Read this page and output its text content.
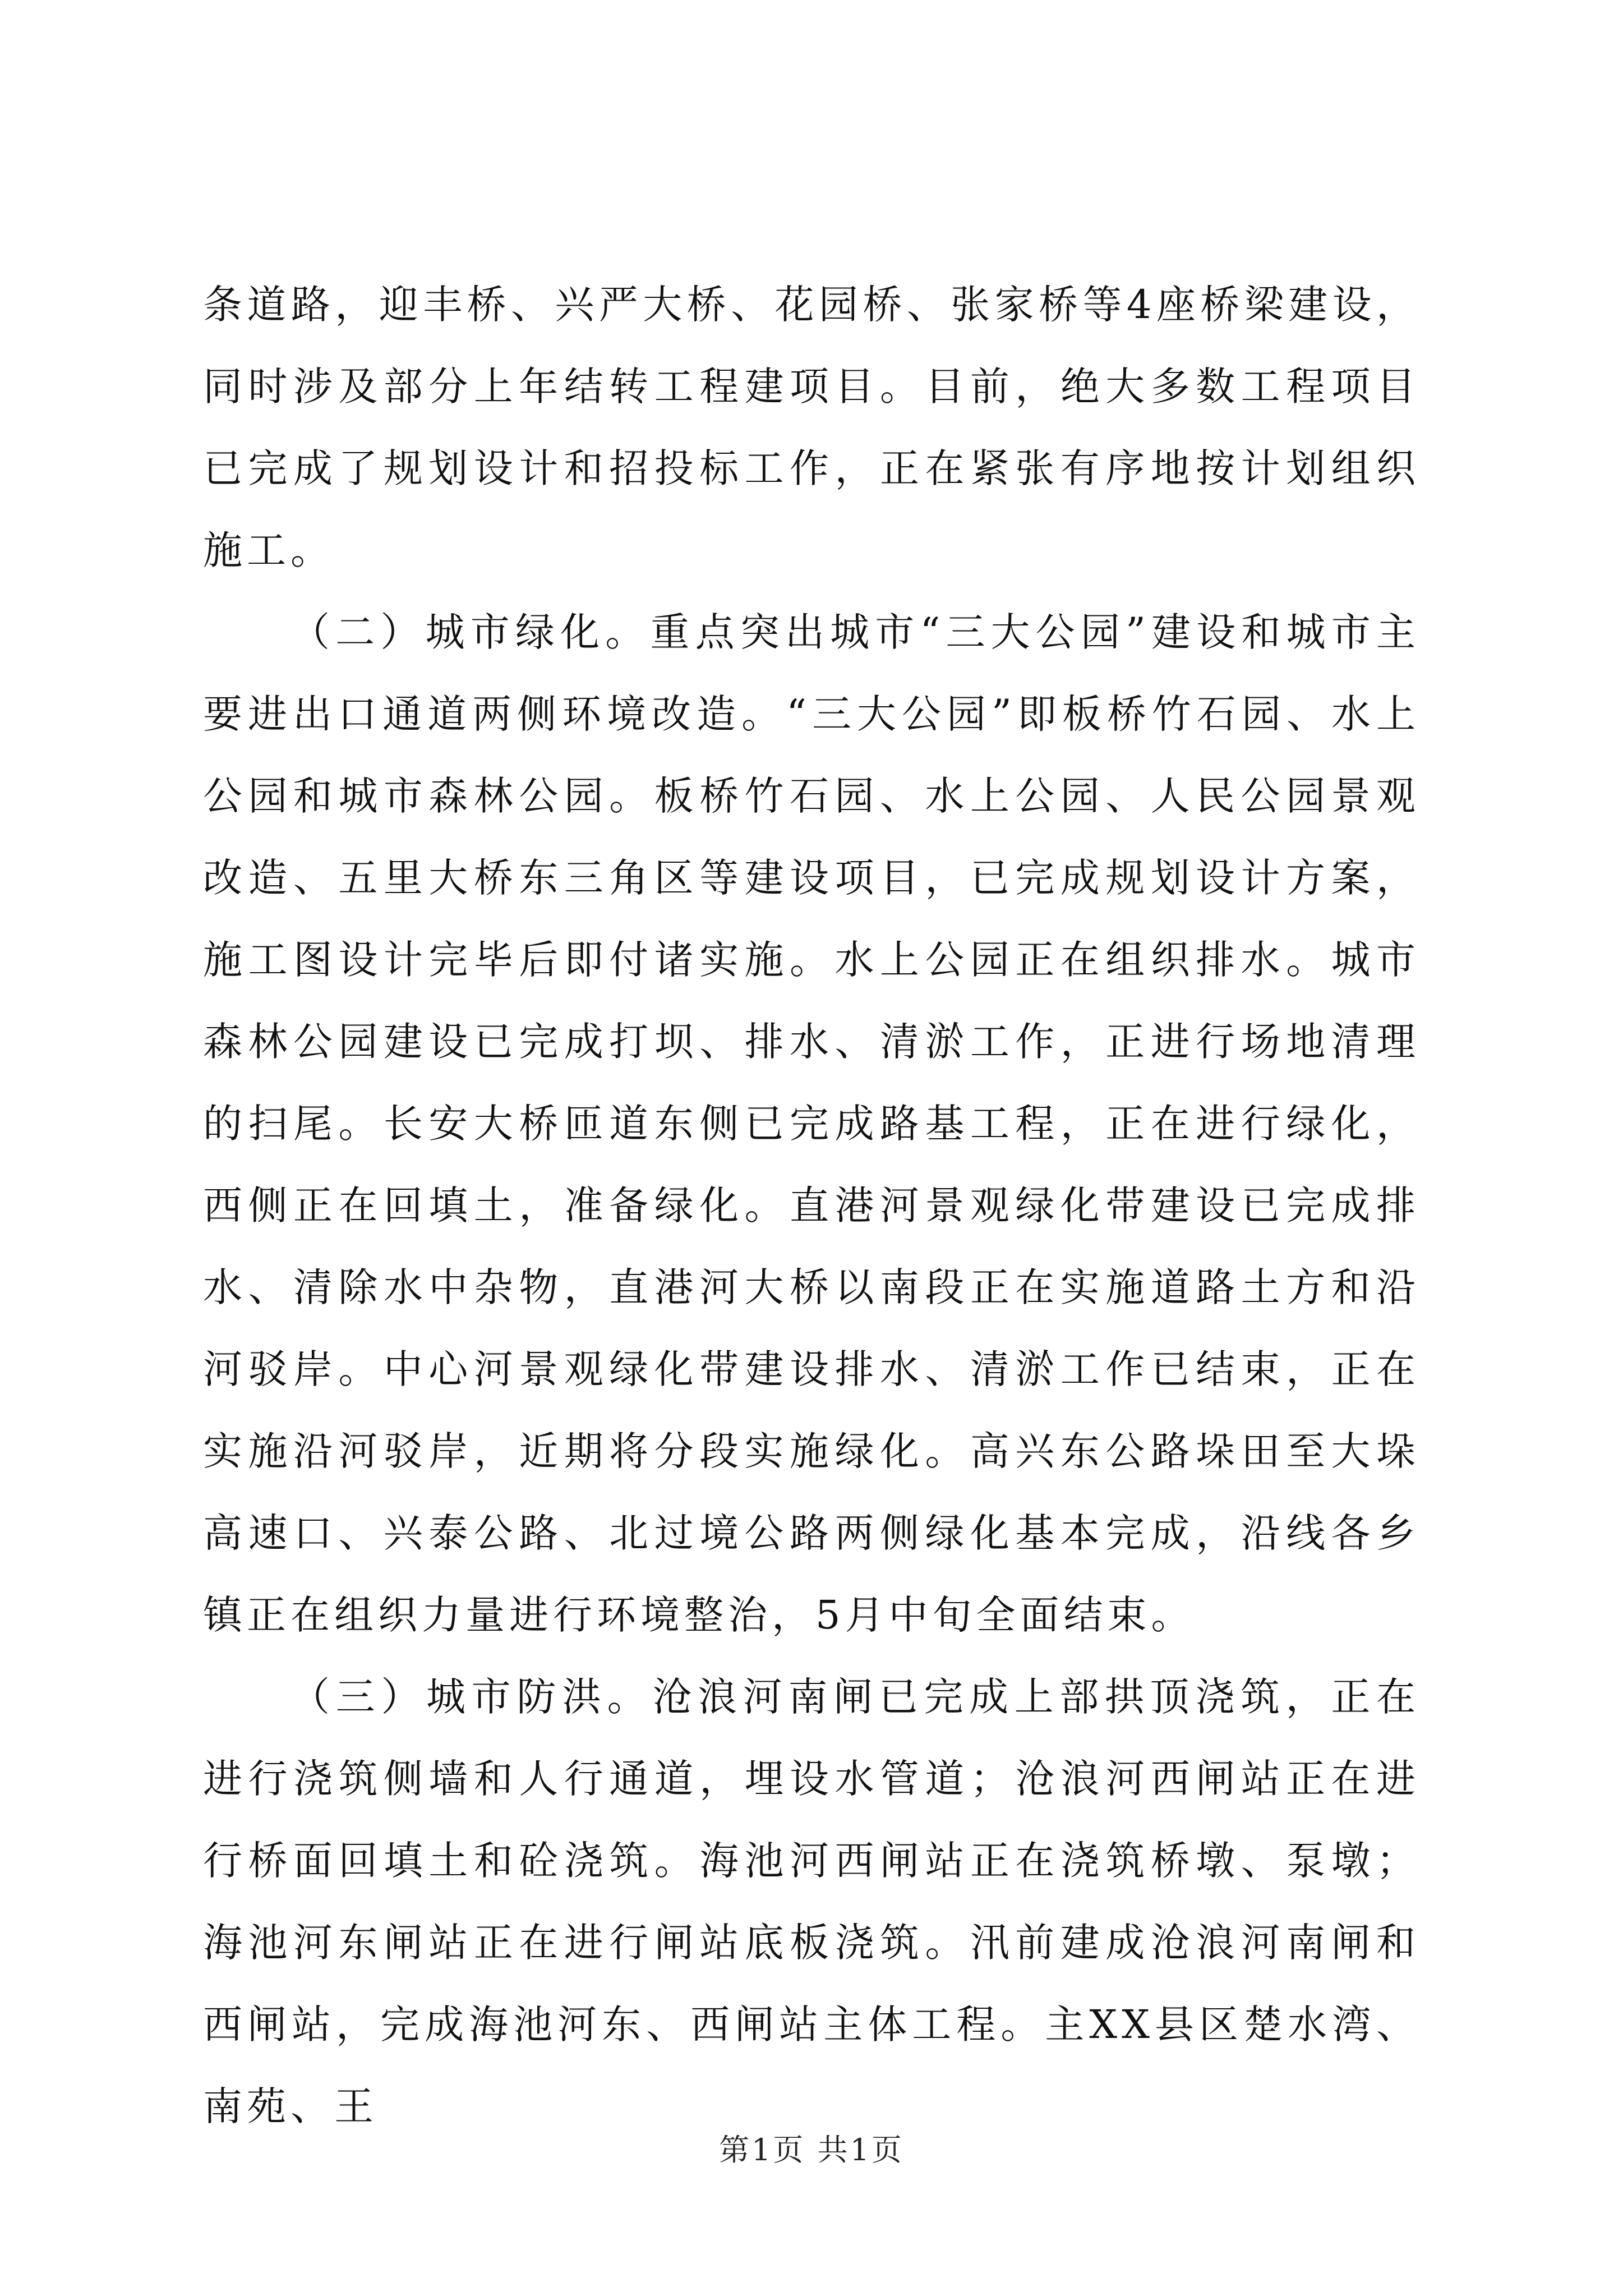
条道路，迎丰桥、兴严大桥、花园桥、张家桥等4座桥梁建设，同时涉及部分上年结转工程建项目。目前，绝大多数工程项目已完成了规划设计和招投标工作，正在紧张有序地按计划组织施工。

（二）城市绿化。重点突出城市“三大公园”建设和城市主要进出口通道两侧环境改造。“三大公园”即板桥竹石园、水上公园和城市森林公园。板桥竹石园、水上公园、人民公园景观改造、五里大桥东三角区等建设项目，已完成规划设计方案，施工图设计完毕后即付诸实施。水上公园正在组织排水。城市森林公园建设已完成打坝、排水、清淤工作，正进行场地清理的扫尾。长安大桥匝道东侧已完成路基工程，正在进行绿化，西侧正在回填土，准备绿化。直港河景观绿化带建设已完成排水、清除水中杂物，直港河大桥以南段正在实施道路土方和沿河驳岸。中心河景观绿化带建设排水、清淤工作已结束，正在实施沿河驳岸，近期将分段实施绿化。高兴东公路垛田至大垛高速口、兴泰公路、北过境公路两侧绿化基本完成，沿线各乡镇正在组织力量进行环境整治，5月中旬全面结束。

（三）城市防洪。沧浪河南闸已完成上部拱顶浇筑，正在进行浇筑侧墙和人行通道，埋设水管道；沧浪河西闸站正在进行桥面回填土和砼浇筑。海池河西闸站正在浇筑桥墩、泵墩；海池河东闸站正在进行闸站底板浇筑。汛前建成沧浪河南闸和西闸站，完成海池河东、西闸站主体工程。主XX县区楚水湾、南苑、王

第1页 共1页
